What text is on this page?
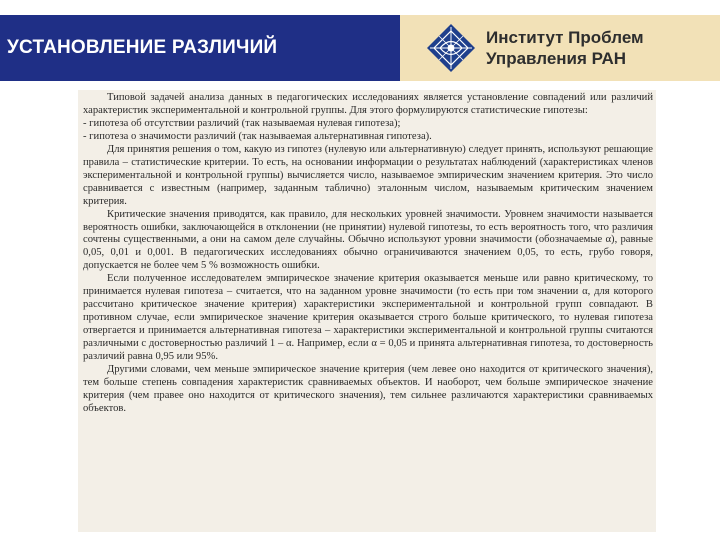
УСТАНОВЛЕНИЕ РАЗЛИЧИЙ	Институт Проблем
Управления РАН

Типовой задачей анализа данных в педагогических исследованиях является установление совпадений или различий характеристик экспериментальной и контрольной группы. Для этого формулируются статистические гипотезы:

- гипотеза об отсутствии различий (так называемая нулевая гипотеза);

- гипотеза о значимости различий (так называемая альтернативная гипотеза).

Для принятия решения о том, какую из гипотез (нулевую или альтернативную) следует принять, используют решающие правила – статистические критерии. То есть, на основании информации о результатах наблюдений (характеристиках членов экспериментальной и контрольной группы) вычисляется число, называемое эмпирическим значением критерия. Это число сравнивается с известным (например, заданным таблично) эталонным числом, называемым критическим значением критерия.

Критические значения приводятся, как правило, для нескольких уровней значимости. Уровнем значимости называется вероятность ошибки, заключающейся в отклонении (не принятии) нулевой гипотезы, то есть вероятность того, что различия сочтены существенными, а они на самом деле случайны. Обычно используют уровни значимости (обозначаемые α), равные 0,05, 0,01 и 0,001. В педагогических исследованиях обычно ограничиваются значением 0,05, то есть, грубо говоря, допускается не более чем 5 % возможность ошибки.

Если полученное исследователем эмпирическое значение критерия оказывается меньше или равно критическому, то принимается нулевая гипотеза – считается, что на заданном уровне значимости (то есть при том значении α, для которого рассчитано критическое значение критерия) характеристики экспериментальной и контрольной групп совпадают. В противном случае, если эмпирическое значение критерия оказывается строго больше критического, то нулевая гипотеза отвергается и принимается альтернативная гипотеза – характеристики экспериментальной и контрольной группы считаются различными с достоверностью различий 1 – α. Например, если α = 0,05 и принята альтернативная гипотеза, то достоверность различий равна 0,95 или 95%.

Другими словами, чем меньше эмпирическое значение критерия (чем левее оно находится от критического значения), тем больше степень совпадения характеристик сравниваемых объектов. И наоборот, чем больше эмпирическое значение критерия (чем правее оно находится от критического значения), тем сильнее различаются характеристики сравниваемых объектов.
